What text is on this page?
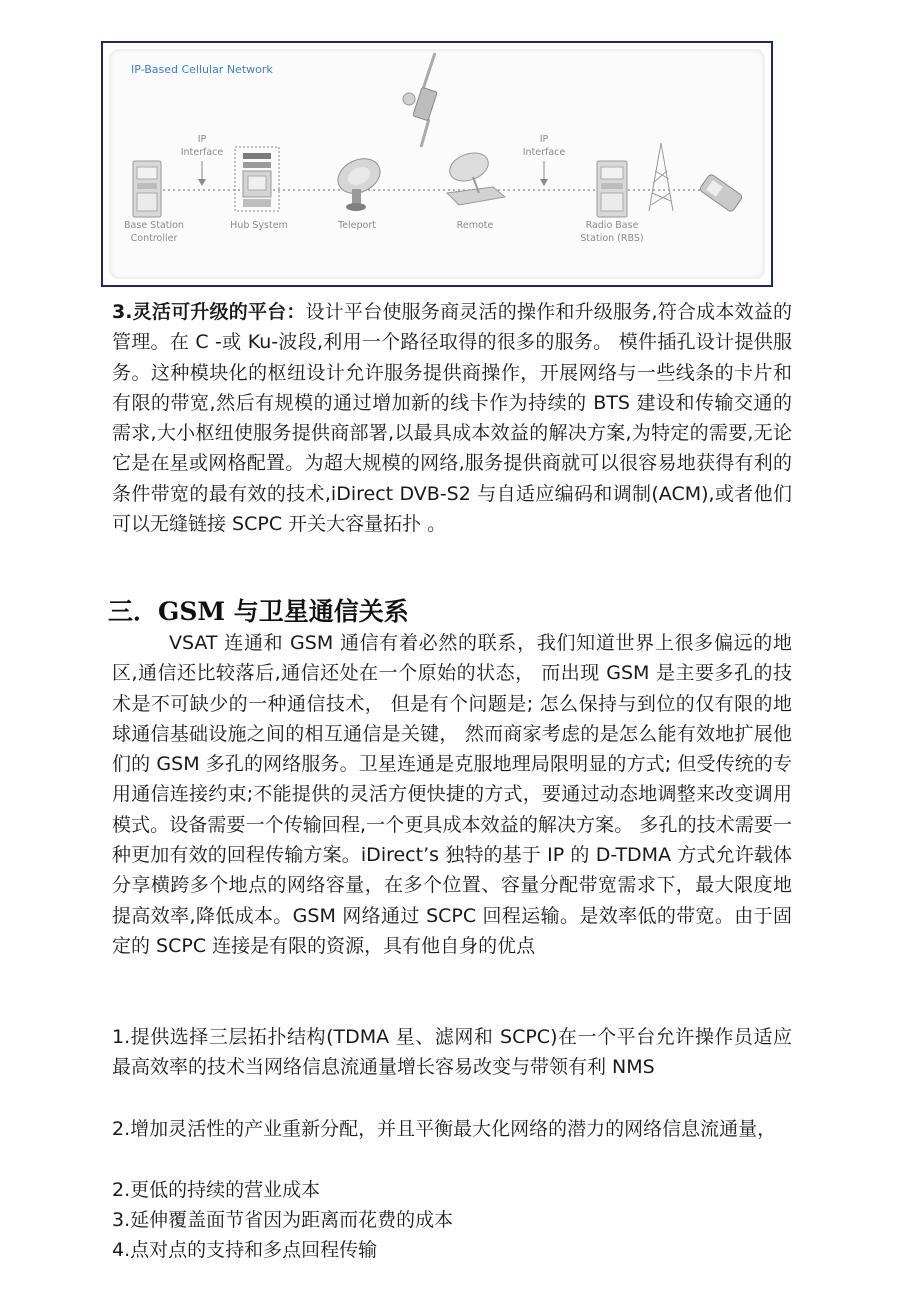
IP-Based Cellular Network
IP
Interface
IP
Interface
Base Station
Controller
Hub System	Teleport	Remote	Radio Base
Station (RBS)

3.灵活可升级的平台：设计平台使服务商灵活的操作和升级服务,符合成本效益的管理。在 C -或 Ku-波段,利用一个路径取得的很多的服务。 模件插孔设计提供服务。这种模块化的枢纽设计允许服务提供商操作，开展网络与一些线条的卡片和有限的带宽,然后有规模的通过增加新的线卡作为持续的 BTS 建设和传输交通的需求,大小枢纽使服务提供商部署,以最具成本效益的解决方案,为特定的需要,无论它是在星或网格配置。为超大规模的网络,服务提供商就可以很容易地获得有利的条件带宽的最有效的技术,iDirect DVB-S2 与自适应编码和调制(ACM),或者他们可以无缝链接 SCPC 开关大容量拓扑 。

三．GSM 与卫星通信关系

VSAT 连通和 GSM 通信有着必然的联系，我们知道世界上很多偏远的地区,通信还比较落后,通信还处在一个原始的状态， 而出现 GSM 是主要多孔的技术是不可缺少的一种通信技术， 但是有个问题是; 怎么保持与到位的仅有限的地球通信基础设施之间的相互通信是关键， 然而商家考虑的是怎么能有效地扩展他们的 GSM 多孔的网络服务。卫星连通是克服地理局限明显的方式; 但受传统的专用通信连接约束;不能提供的灵活方便快捷的方式，要通过动态地调整来改变调用模式。设备需要一个传输回程,一个更具成本效益的解决方案。 多孔的技术需要一种更加有效的回程传输方案。iDirect’s 独特的基于 IP 的 D-TDMA 方式允许载体分享横跨多个地点的网络容量，在多个位置、容量分配带宽需求下，最大限度地提高效率,降低成本。GSM 网络通过 SCPC 回程运输。是效率低的带宽。由于固定的 SCPC 连接是有限的资源，具有他自身的优点

1.提供选择三层拓扑结构(TDMA 星、滤网和 SCPC)在一个平台允许操作员适应最高效率的技术当网络信息流通量增长容易改变与带领有利 NMS

2.增加灵活性的产业重新分配，并且平衡最大化网络的潜力的网络信息流通量，

2.更低的持续的营业成本

3.延伸覆盖面节省因为距离而花费的成本

4.点对点的支持和多点回程传输
